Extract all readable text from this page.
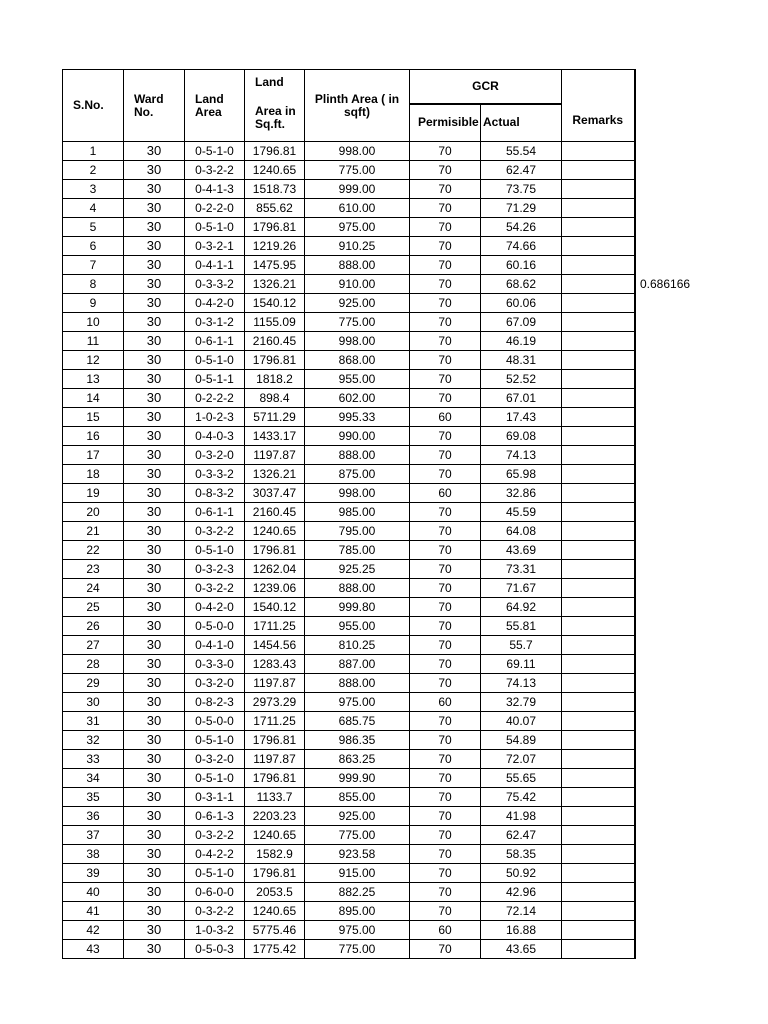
S.No.	Ward No.	Land Area	Land
Area in Sq.ft.	Plinth Area ( in sqft)	GCR		Remarks
					Permisible	Actual	
1	30	0-5-1-0	1796.81	998.00	70	55.54	
2	30	0-3-2-2	1240.65	775.00	70	62.47	
3	30	0-4-1-3	1518.73	999.00	70	73.75	
4	30	0-2-2-0	855.62	610.00	70	71.29	
5	30	0-5-1-0	1796.81	975.00	70	54.26	
6	30	0-3-2-1	1219.26	910.25	70	74.66	
7	30	0-4-1-1	1475.95	888.00	70	60.16	
8	30	0-3-3-2	1326.21	910.00	70	68.62	
9	30	0-4-2-0	1540.12	925.00	70	60.06	
10	30	0-3-1-2	1155.09	775.00	70	67.09	
11	30	0-6-1-1	2160.45	998.00	70	46.19	
12	30	0-5-1-0	1796.81	868.00	70	48.31	
13	30	0-5-1-1	1818.2	955.00	70	52.52	
14	30	0-2-2-2	898.4	602.00	70	67.01	
15	30	1-0-2-3	5711.29	995.33	60	17.43	
16	30	0-4-0-3	1433.17	990.00	70	69.08	
17	30	0-3-2-0	1197.87	888.00	70	74.13	
18	30	0-3-3-2	1326.21	875.00	70	65.98	
19	30	0-8-3-2	3037.47	998.00	60	32.86	
20	30	0-6-1-1	2160.45	985.00	70	45.59	
21	30	0-3-2-2	1240.65	795.00	70	64.08	
22	30	0-5-1-0	1796.81	785.00	70	43.69	
23	30	0-3-2-3	1262.04	925.25	70	73.31	
24	30	0-3-2-2	1239.06	888.00	70	71.67	
25	30	0-4-2-0	1540.12	999.80	70	64.92	
26	30	0-5-0-0	1711.25	955.00	70	55.81	
27	30	0-4-1-0	1454.56	810.25	70	55.7	
28	30	0-3-3-0	1283.43	887.00	70	69.11	
29	30	0-3-2-0	1197.87	888.00	70	74.13	
30	30	0-8-2-3	2973.29	975.00	60	32.79	
31	30	0-5-0-0	1711.25	685.75	70	40.07	
32	30	0-5-1-0	1796.81	986.35	70	54.89	
33	30	0-3-2-0	1197.87	863.25	70	72.07	
34	30	0-5-1-0	1796.81	999.90	70	55.65	
35	30	0-3-1-1	1133.7	855.00	70	75.42	
36	30	0-6-1-3	2203.23	925.00	70	41.98	
37	30	0-3-2-2	1240.65	775.00	70	62.47	
38	30	0-4-2-2	1582.9	923.58	70	58.35	
39	30	0-5-1-0	1796.81	915.00	70	50.92	
40	30	0-6-0-0	2053.5	882.25	70	42.96	
41	30	0-3-2-2	1240.65	895.00	70	72.14	
42	30	1-0-3-2	5775.46	975.00	60	16.88	
43	30	0-5-0-3	1775.42	775.00	70	43.65	
0.686166
